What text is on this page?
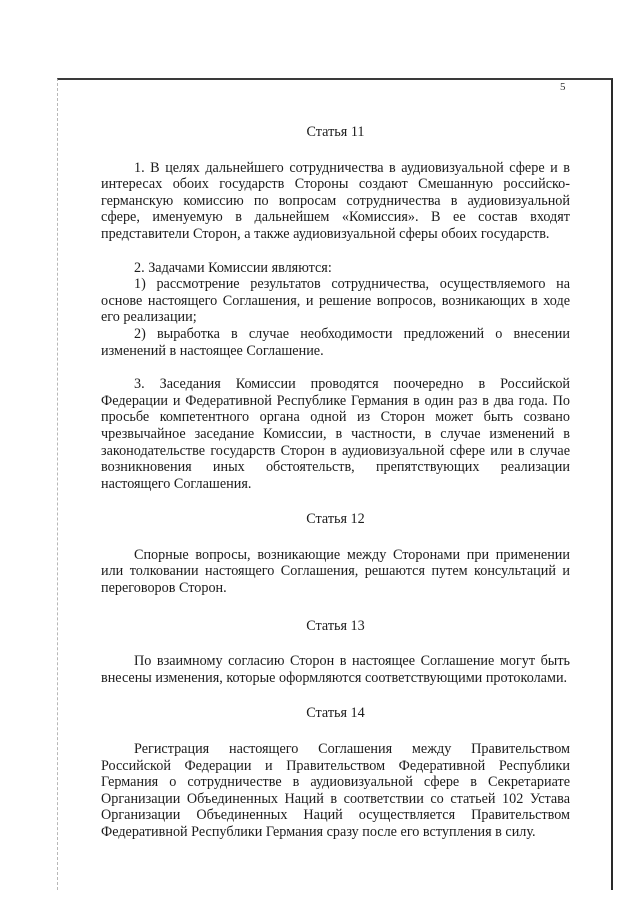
5

Статья 11

1. В целях дальнейшего сотрудничества в аудиовизуальной сфере и в интересах обоих государств Стороны создают Смешанную российско-германскую комиссию по вопросам сотрудничества в аудиовизуальной сфере, именуемую в дальнейшем «Комиссия». В ее состав входят представители Сторон, а также аудиовизуальной сферы обоих государств.

2. Задачами Комиссии являются:

1) рассмотрение результатов сотрудничества, осуществляемого на основе настоящего Соглашения, и решение вопросов, возникающих в ходе его реализации;

2) выработка в случае необходимости предложений о внесении изменений в настоящее Соглашение.

3. Заседания Комиссии проводятся поочередно в Российской Федерации и Федеративной Республике Германия в один раз в два года. По просьбе компетентного органа одной из Сторон может быть созвано чрезвычайное заседание Комиссии, в частности, в случае изменений в законодательстве государств Сторон в аудиовизуальной сфере или в случае возникновения иных обстоятельств, препятствующих реализации настоящего Соглашения.

Статья 12

Спорные вопросы, возникающие между Сторонами при применении или толковании настоящего Соглашения, решаются путем консультаций и переговоров Сторон.

Статья 13

По взаимному согласию Сторон в настоящее Соглашение могут быть внесены изменения, которые оформляются соответствующими протоколами.

Статья 14

Регистрация настоящего Соглашения между Правительством Российской Федерации и Правительством Федеративной Республики Германия о сотрудничестве в аудиовизуальной сфере в Секретариате Организации Объединенных Наций в соответствии со статьей 102 Устава Организации Объединенных Наций осуществляется Правительством Федеративной Республики Германия сразу после его вступления в силу.
